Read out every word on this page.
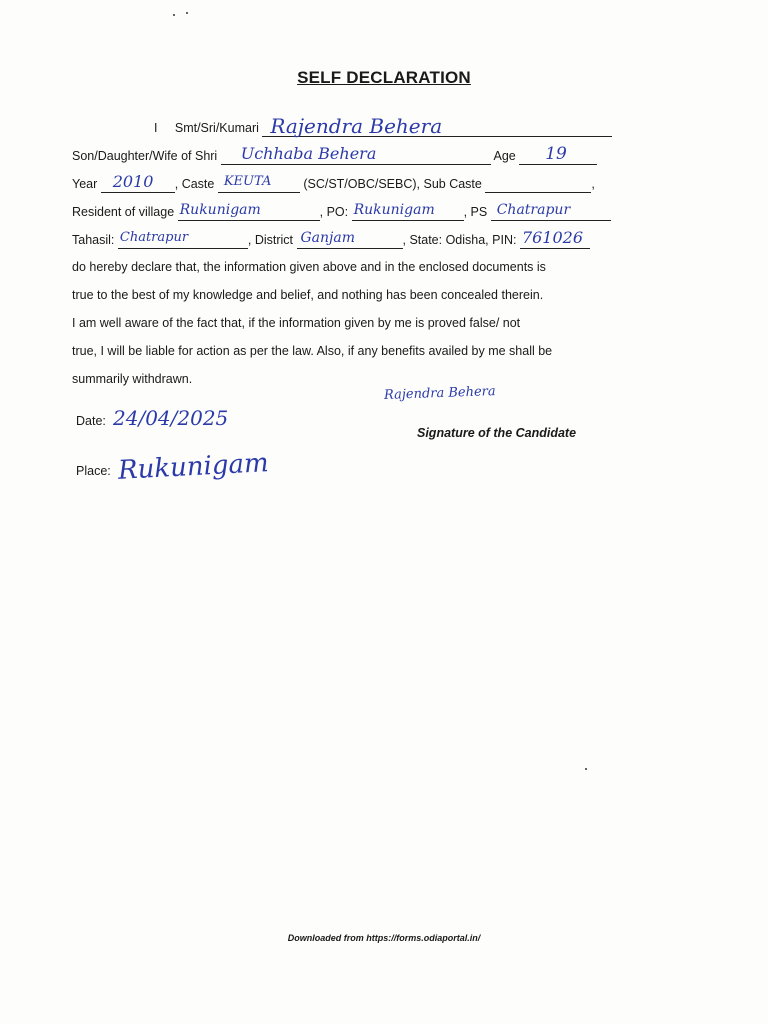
SELF DECLARATION
I Smt/Sri/Kumari Rajendra Behera
Son/Daughter/Wife of Shri Uchhaba Behera	Age 19
Year 2010 , Caste KEUTA	(SC/ST/OBC/SEBC), Sub Caste	,
Resident of village Rukunigam	, PO: Rukunigam , PS Chatrapur
Tahasil: Chatrapur	, District Ganjam	, State: Odisha, PIN: 761026

do hereby declare that, the information given above and in the enclosed documents is

true to the best of my knowledge and belief, and nothing has been concealed therein.

I am well aware of the fact that, if the information given by me is proved false/ not

true, I will be liable for action as per the law. Also, if any benefits availed by me shall be

summarily withdrawn.

Rajendra Behera
Signature of the Candidate
Date: 24/04/2025
Place: Rukunigam
Downloaded from https://forms.odiaportal.in/
